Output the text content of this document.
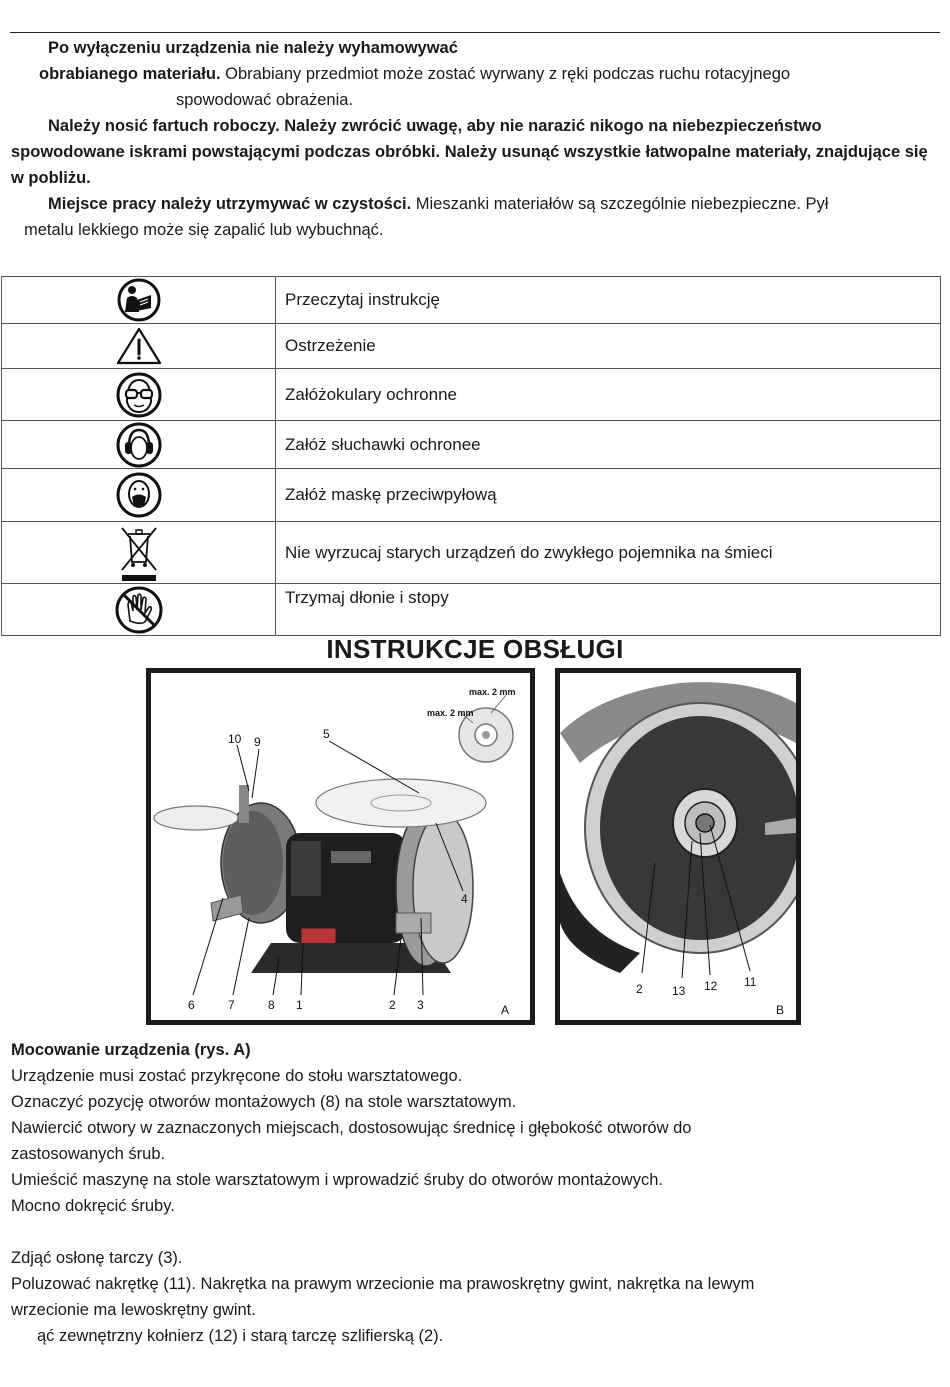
Po wyłączeniu urządzenia nie należy wyhamowywać
obrabianego materiału. Obrabiany przedmiot może zostać wyrwany z ręki podczas ruchu rotacyjnego
spowodować obrażenia.
Należy nosić fartuch roboczy. Należy zwrócić uwagę, aby nie narazić nikogo na niebezpieczeństwo spowodowane iskrami powstającymi podczas obróbki. Należy usunąć wszystkie łatwopalne materiały, znajdujące się w pobliżu.
Miejsce pracy należy utrzymywać w czystości. Mieszanki materiałów są szczególnie niebezpieczne. Pył
metalu lekkiego może się zapalić lub wybuchnąć.
	Przeczytaj instrukcję

	Ostrzeżenie

	Załóżokulary ochronne

	Załóż słuchawki ochronee

	Załóż maskę przeciwpyłową

	Nie wyrzucaj starych urządzeń do zwykłego pojemnika na śmieci

	Trzymaj dłonie i stopy
INSTRUKCJE OBSŁUGI
10 9
5
4
6	7	8 1	2 3	A
max. 2 mm
max. 2 mm
2 13 12 11
B
Mocowanie urządzenia (rys. A)
Urządzenie musi zostać przykręcone do stołu warsztatowego.
Oznaczyć pozycję otworów montażowych (8) na stole warsztatowym.
Nawiercić otwory w zaznaczonych miejscach, dostosowując średnicę i głębokość otworów do
zastosowanych śrub.
Umieścić maszynę na stole warsztatowym i wprowadzić śruby do otworów montażowych.
Mocno dokręcić śruby.
Zdjąć osłonę tarczy (3).
Poluzować nakrętkę (11). Nakrętka na prawym wrzecionie ma prawoskrętny gwint, nakrętka na lewym
wrzecionie ma lewoskrętny gwint.
ąć zewnętrzny kołnierz (12) i starą tarczę szlifierską (2).
